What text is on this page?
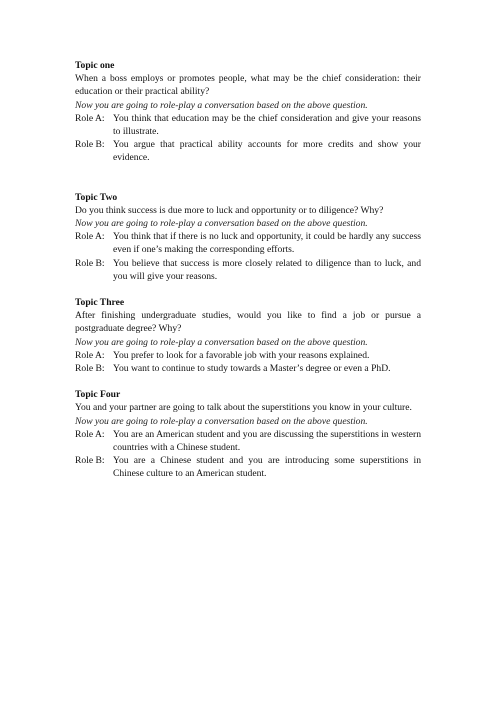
Topic one
When a boss employs or promotes people, what may be the chief consideration: their education or their practical ability?
Now you are going to role-play a conversation based on the above question.
Role A: You think that education may be the chief consideration and give your reasons to illustrate.
Role B: You argue that practical ability accounts for more credits and show your evidence.
Topic Two
Do you think success is due more to luck and opportunity or to diligence? Why?
Now you are going to role-play a conversation based on the above question.
Role A: You think that if there is no luck and opportunity, it could be hardly any success even if one’s making the corresponding efforts.
Role B: You believe that success is more closely related to diligence than to luck, and you will give your reasons.
Topic Three
After finishing undergraduate studies, would you like to find a job or pursue a postgraduate degree? Why?
Now you are going to role-play a conversation based on the above question.
Role A: You prefer to look for a favorable job with your reasons explained.
Role B: You want to continue to study towards a Master’s degree or even a PhD.
Topic Four
You and your partner are going to talk about the superstitions you know in your culture.
Now you are going to role-play a conversation based on the above question.
Role A: You are an American student and you are discussing the superstitions in western countries with a Chinese student.
Role B: You are a Chinese student and you are introducing some superstitions in Chinese culture to an American student.
